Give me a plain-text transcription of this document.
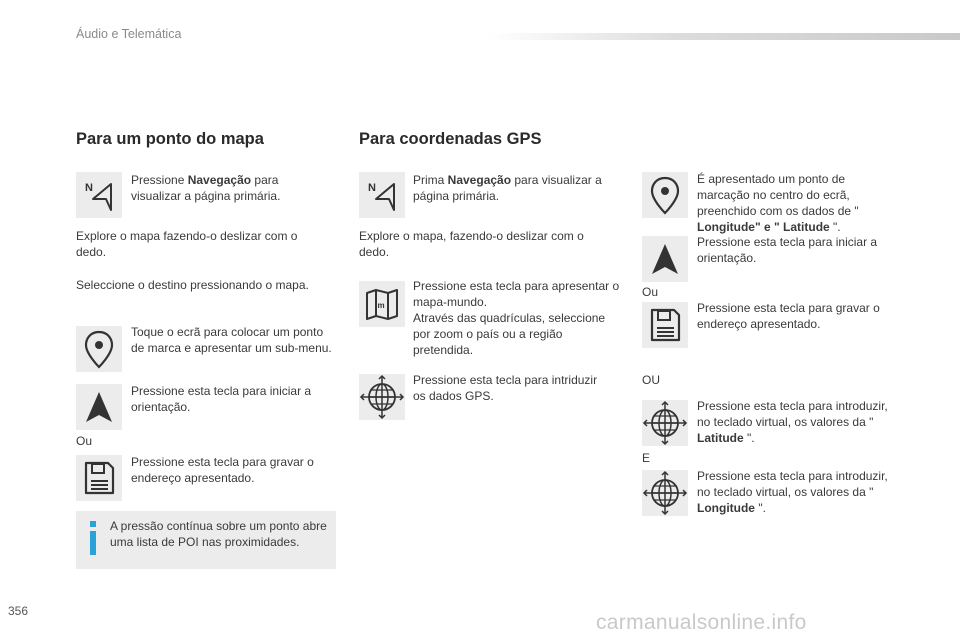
Áudio e Telemática
Para um ponto do mapa
Pressione Navegação para visualizar a página primária.
Explore o mapa fazendo-o deslizar com o dedo.
Seleccione o destino pressionando o mapa.
Toque o ecrã para colocar um ponto de marca e apresentar um sub-menu.
Pressione esta tecla para iniciar a orientação.
Ou
Pressione esta tecla para gravar o endereço apresentado.
A pressão contínua sobre um ponto abre uma lista de POI nas proximidades.
Para coordenadas GPS
Prima Navegação para visualizar a página primária.
Explore o mapa, fazendo-o deslizar com o dedo.
Pressione esta tecla para apresentar o mapa-mundo.
Através das quadrículas, seleccione por zoom o país ou a região pretendida.
Pressione esta tecla para intriduzir os dados GPS.
É apresentado um ponto de marcação no centro do ecrã, preenchido com os dados de " Longitude" e " Latitude ".
Pressione esta tecla para iniciar a orientação.
Ou
Pressione esta tecla para gravar o endereço apresentado.
OU
Pressione esta tecla para introduzir, no teclado virtual, os valores da " Latitude ".
E
Pressione esta tecla para introduzir, no teclado virtual, os valores da " Longitude ".
356	carmanualsonline.info
